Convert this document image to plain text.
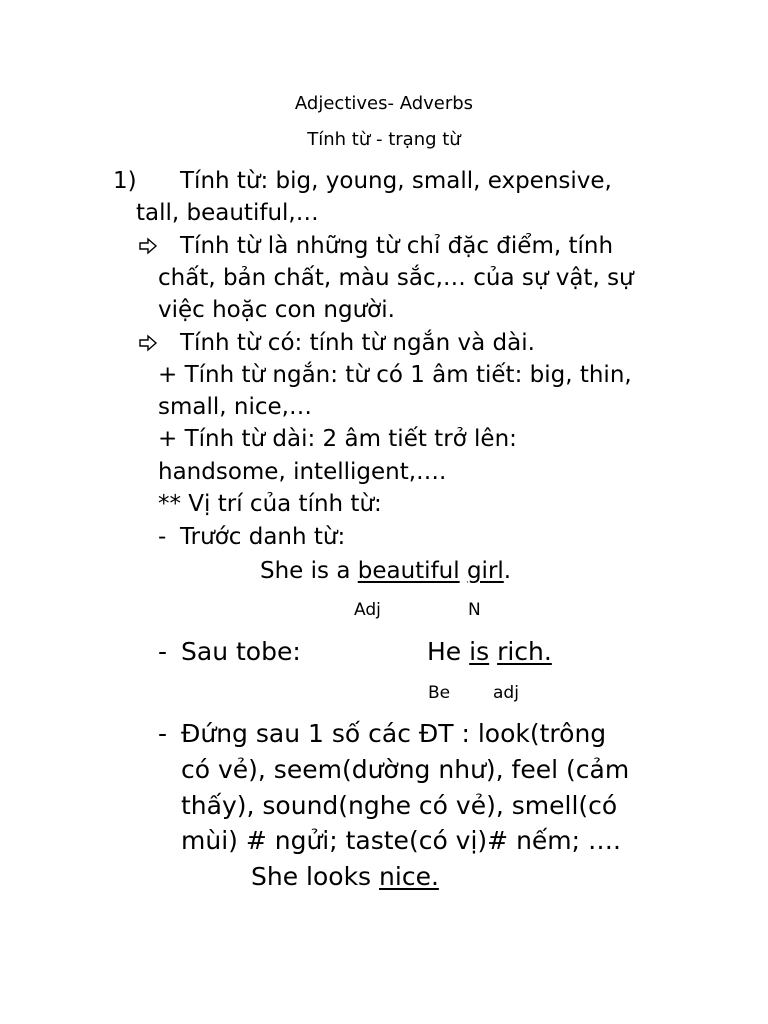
Adjectives- Adverbs
Tính từ - trạng từ
1) Tính từ: big, young, small, expensive,
tall, beautiful,…
Tính từ là những từ chỉ đặc điểm, tính
chất, bản chất, màu sắc,… của sự vật, sự
việc hoặc con người.
Tính từ có: tính từ ngắn và dài.
+ Tính từ ngắn: từ có 1 âm tiết: big, thin,
small, nice,…
+ Tính từ dài: 2 âm tiết trở lên:
handsome, intelligent,….
** Vị trí của tính từ:
- Trước danh từ:
She is a beautiful girl.
Adj	N
- Sau tobe:	He is rich.
Be	adj
- Đứng sau 1 số các ĐT : look(trông
có vẻ), seem(dường như), feel (cảm
thấy), sound(nghe có vẻ), smell(có
mùi) # ngửi; taste(có vị)# nếm; ….
She looks nice.
